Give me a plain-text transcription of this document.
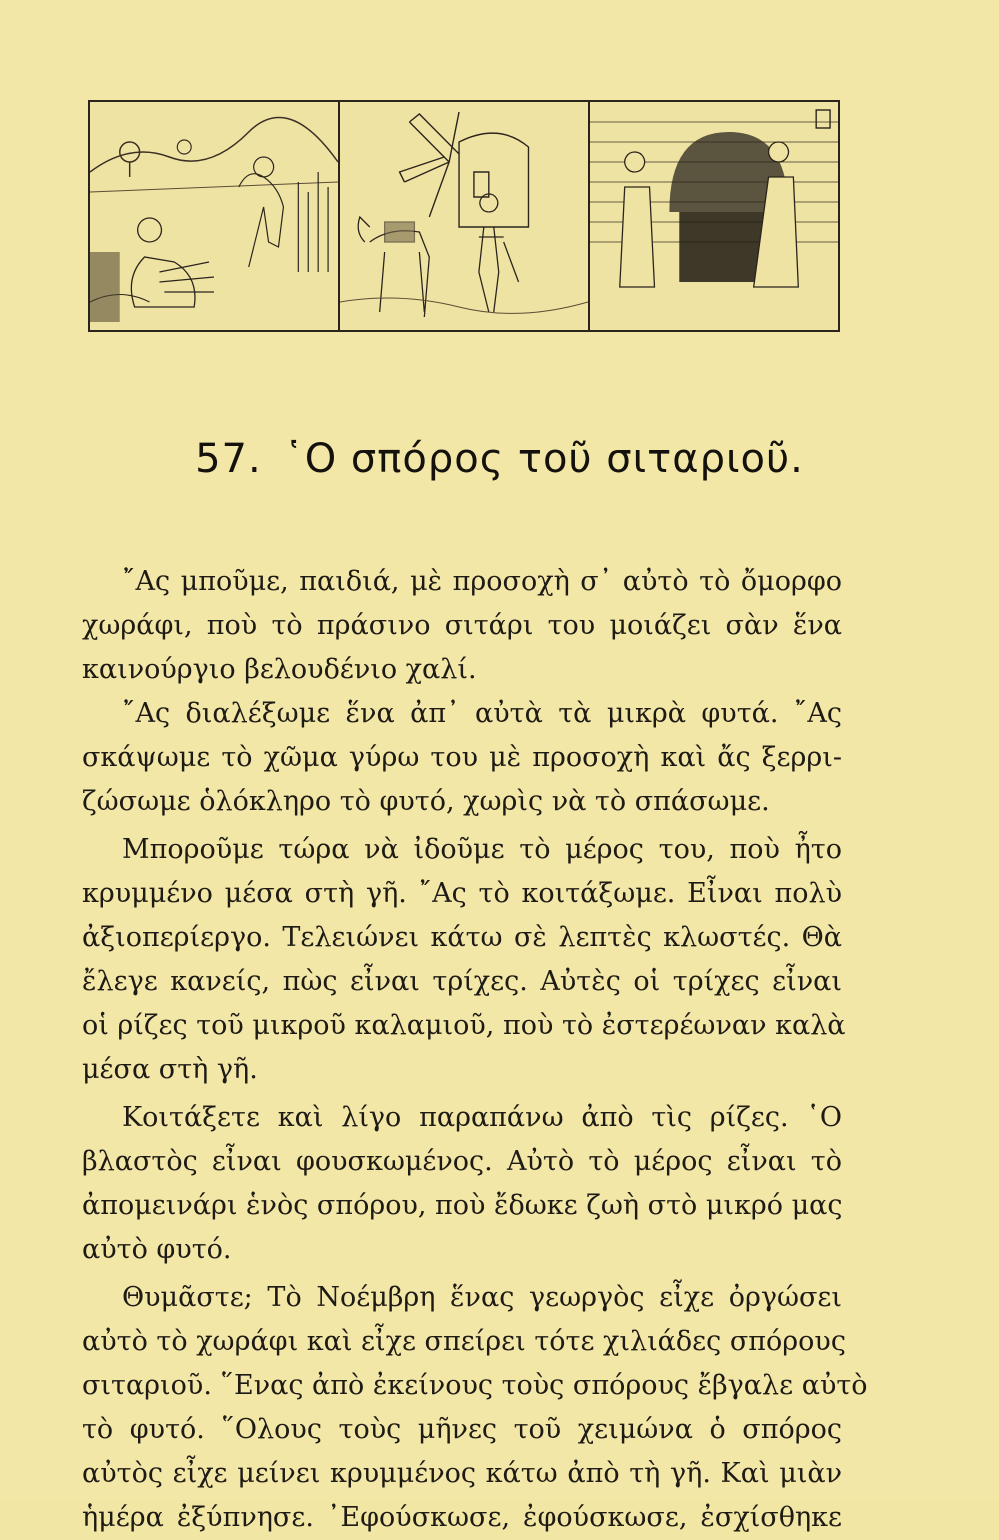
57. ῾Ο σπόρος τοῦ σιταριοῦ.
῎Ας μποῦμε, παιδιά, μὲ προσοχὴ σ᾿ αὐτὸ τὸ ὄμορφο
χωράφι, ποὺ τὸ πράσινο σιτάρι του μοιάζει σὰν ἕνα
καινούργιο βελουδένιο χαλί.
῎Ας διαλέξωμε ἕνα ἀπ᾿ αὐτὰ τὰ μικρὰ φυτά. ῎Ας
σκάψωμε τὸ χῶμα γύρω του μὲ προσοχὴ καὶ ἄς ξερρι-
ζώσωμε ὁλόκληρο τὸ φυτό, χωρὶς νὰ τὸ σπάσωμε.
Μποροῦμε τώρα νὰ ἰδοῦμε τὸ μέρος του, ποὺ ἦτο
κρυμμένο μέσα στὴ γῆ. ῎Ας τὸ κοιτάξωμε. Εἶναι πολὺ
ἀξιοπερίεργο. Τελειώνει κάτω σὲ λεπτὲς κλωστές. Θὰ
ἔλεγε κανείς, πὼς εἶναι τρίχες. Αὐτὲς οἱ τρίχες εἶναι
οἱ ρίζες τοῦ μικροῦ καλαμιοῦ, ποὺ τὸ ἐστερέωναν καλὰ
μέσα στὴ γῆ.
Κοιτάξετε καὶ λίγο παραπάνω ἀπὸ τὶς ρίζες. ῾Ο
βλαστὸς εἶναι φουσκωμένος. Αὐτὸ τὸ μέρος εἶναι τὸ
ἀπομεινάρι ἑνὸς σπόρου, ποὺ ἔδωκε ζωὴ στὸ μικρό μας
αὐτὸ φυτό.
Θυμᾶστε; Τὸ Νοέμβρη ἕνας γεωργὸς εἶχε ὀργώσει
αὐτὸ τὸ χωράφι καὶ εἶχε σπείρει τότε χιλιάδες σπόρους
σιταριοῦ. ῞Ενας ἀπὸ ἐκείνους τοὺς σπόρους ἔβγαλε αὐτὸ
τὸ φυτό. ῞Ολους τοὺς μῆνες τοῦ χειμώνα ὁ σπόρος
αὐτὸς εἶχε μείνει κρυμμένος κάτω ἀπὸ τὴ γῆ. Καὶ μιὰν
ἡμέρα ἐξύπνησε. ᾿Εφούσκωσε, ἐφούσκωσε, ἐσχίσθηκε
